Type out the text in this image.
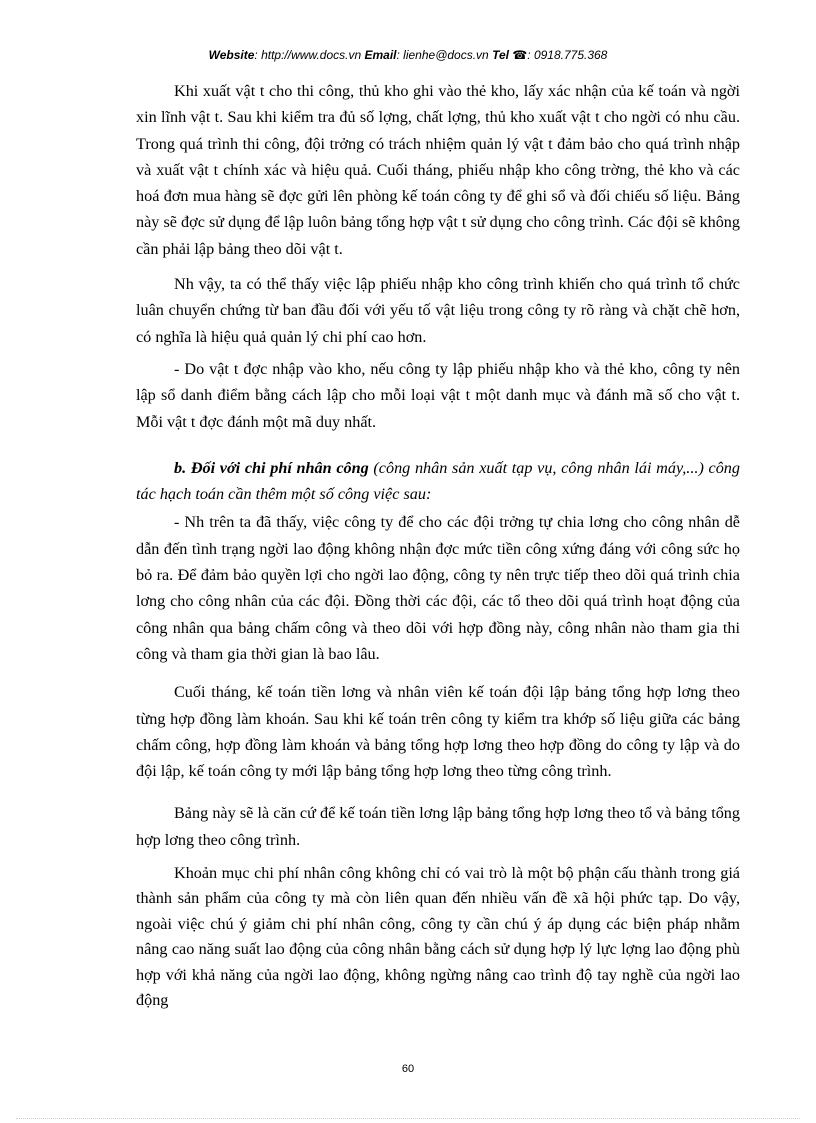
Website: http://www.docs.vn Email: lienhe@docs.vn Tel ☎: 0918.775.368

Khi xuất vật t cho thi công, thủ kho ghi vào thẻ kho, lấy xác nhận của kế toán và ngời xin lĩnh vật t. Sau khi kiểm tra đủ số lợng, chất lợng, thủ kho xuất vật t cho ngời có nhu cầu. Trong quá trình thi công, đội trởng có trách nhiệm quản lý vật t đảm bảo cho quá trình nhập và xuất vật t chính xác và hiệu quả. Cuối tháng, phiếu nhập kho công trờng, thẻ kho và các hoá đơn mua hàng sẽ đợc gửi lên phòng kế toán công ty để ghi sổ và đối chiếu số liệu. Bảng này sẽ đợc sử dụng để lập luôn bảng tổng hợp vật t sử dụng cho công trình. Các đội sẽ không cần phải lập bảng theo dõi vật t.

Nh vậy, ta có thể thấy việc lập phiếu nhập kho công trình khiến cho quá trình tổ chức luân chuyển chứng từ ban đầu đối với yếu tố vật liệu trong công ty rõ ràng và chặt chẽ hơn, có nghĩa là hiệu quả quản lý chi phí cao hơn.

- Do vật t đợc nhập vào kho, nếu công ty lập phiếu nhập kho và thẻ kho, công ty nên lập sổ danh điểm bằng cách lập cho mỗi loại vật t một danh mục và đánh mã số cho vật t. Mỗi vật t đợc đánh một mã duy nhất.

b. Đối với chi phí nhân công (công nhân sản xuất tạp vụ, công nhân lái máy,...) công tác hạch toán cần thêm một số công việc sau:

- Nh trên ta đã thấy, việc công ty để cho các đội trởng tự chia lơng cho công nhân dễ dẫn đến tình trạng ngời lao động không nhận đợc mức tiền công xứng đáng với công sức họ bỏ ra. Để đảm bảo quyền lợi cho ngời lao động, công ty nên trực tiếp theo dõi quá trình chia lơng cho công nhân của các đội. Đồng thời các đội, các tổ theo dõi quá trình hoạt động của công nhân qua bảng chấm công và theo dõi với hợp đồng này, công nhân nào tham gia thi công và tham gia thời gian là bao lâu.

Cuối tháng, kế toán tiền lơng và nhân viên kế toán đội lập bảng tổng hợp lơng theo từng hợp đồng làm khoán. Sau khi kế toán trên công ty kiểm tra khớp số liệu giữa các bảng chấm công, hợp đồng làm khoán và bảng tổng hợp lơng theo hợp đồng do công ty lập và do đội lập, kế toán công ty mới lập bảng tổng hợp lơng theo từng công trình.

Bảng này sẽ là căn cứ để kế toán tiền lơng lập bảng tổng hợp lơng theo tổ và bảng tổng hợp lơng theo công trình.

Khoản mục chi phí nhân công không chỉ có vai trò là một bộ phận cấu thành trong giá thành sản phẩm của công ty mà còn liên quan đến nhiều vấn đề xã hội phức tạp. Do vậy, ngoài việc chú ý giảm chi phí nhân công, công ty cần chú ý áp dụng các biện pháp nhằm nâng cao năng suất lao động của công nhân bằng cách sử dụng hợp lý lực lợng lao động phù hợp với khả năng của ngời lao động, không ngừng nâng cao trình độ tay nghề của ngời lao động

60
